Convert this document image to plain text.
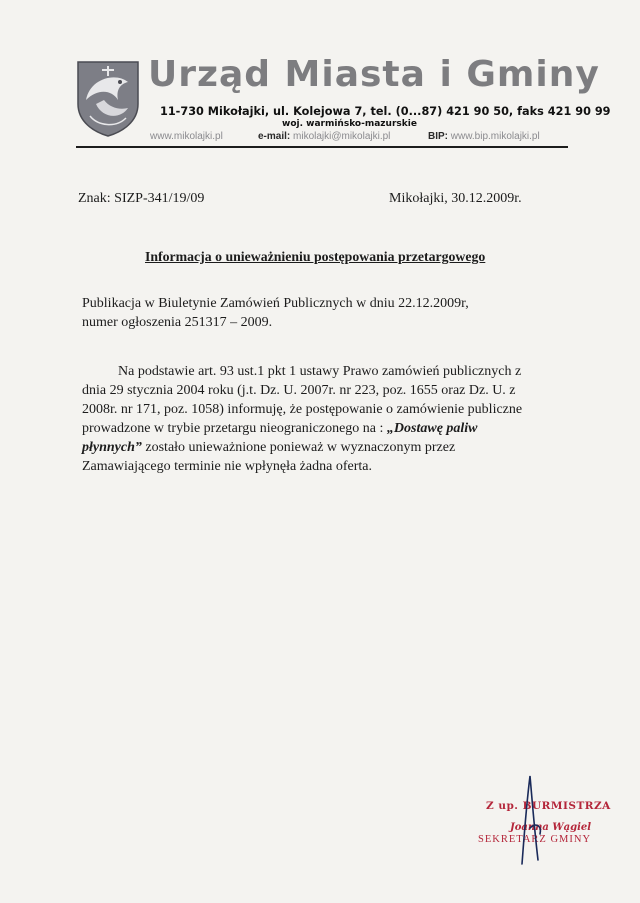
Urząd Miasta i Gminy
11-730 Mikołajki, ul. Kolejowa 7, tel. (0...87) 421 90 50, faks 421 90 99
woj. warmińsko-mazurskie
www.mikolajki.pl	e-mail: mikolajki@mikolajki.pl	BIP: www.bip.mikolajki.pl
Znak: SIZP-341/19/09	Mikołajki, 30.12.2009r.
Informacja o unieważnieniu postępowania przetargowego
Publikacja w Biuletynie Zamówień Publicznych w dniu 22.12.2009r,
numer ogłoszenia 251317 – 2009.
Na podstawie art. 93 ust.1 pkt 1 ustawy Prawo zamówień publicznych z
dnia 29 stycznia 2004 roku (j.t. Dz. U. 2007r. nr 223, poz. 1655 oraz Dz. U. z
2008r. nr 171, poz. 1058) informuję, że postępowanie o zamówienie publiczne
prowadzone w trybie przetargu nieograniczonego na : „Dostawę paliw
płynnych” zostało unieważnione ponieważ w wyznaczonym przez
Zamawiającego terminie nie wpłynęła żadna oferta.
Z up. BURMISTRZA
Joanna Wągiel
SEKRETARZ GMINY
